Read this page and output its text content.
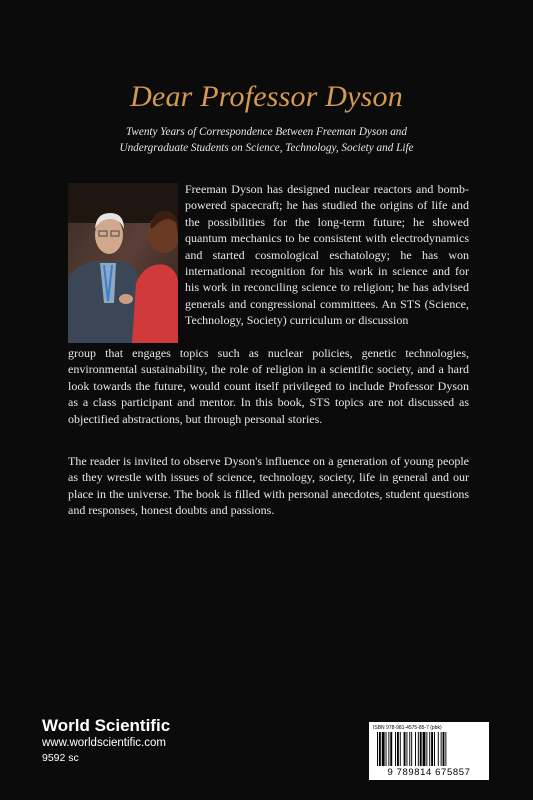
Dear Professor Dyson
Twenty Years of Correspondence Between Freeman Dyson and
Undergraduate Students on Science, Technology, Society and Life

Freeman Dyson has designed nuclear reactors and bomb-powered spacecraft; he has studied the origins of life and the possibilities for the long-term future; he showed quantum mechanics to be consistent with electrodynamics and started cosmological eschatology; he has won international recognition for his work in science and for his work in reconciling science to religion; he has advised generals and congressional committees. An STS (Science, Technology, Society) curriculum or discussion

group that engages topics such as nuclear policies, genetic technologies, environmental sustainability, the role of religion in a scientific society, and a hard look towards the future, would count itself privileged to include Professor Dyson as a class participant and mentor. In this book, STS topics are not discussed as objectified abstractions, but through personal stories.

The reader is invited to observe Dyson's influence on a generation of young people as they wrestle with issues of science, technology, society, life in general and our place in the universe. The book is filled with personal anecdotes, student questions and responses, honest doubts and passions.

World Scientific
www.worldscientific.com
9592 sc
ISBN 978-981-4575-85-7 (pbk)
9 789814 675857
